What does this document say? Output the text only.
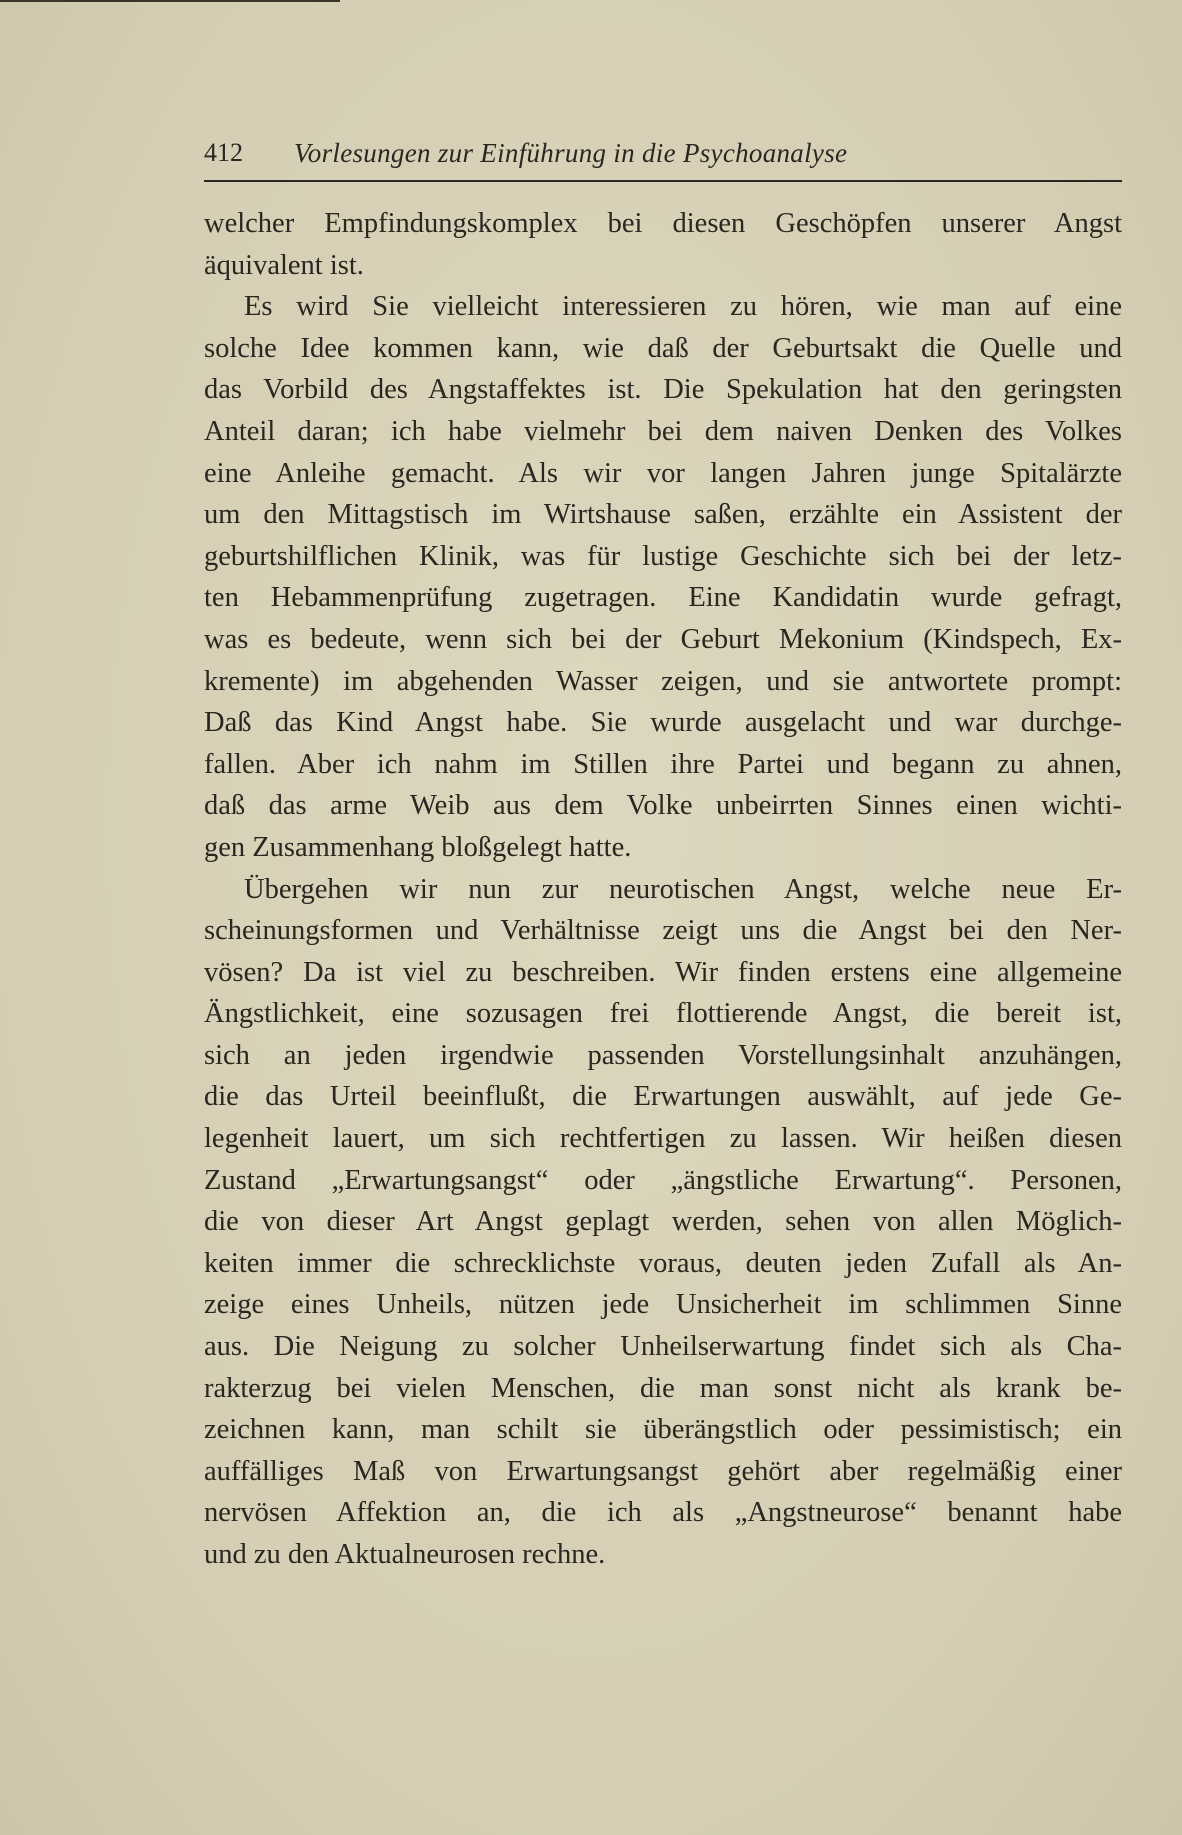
412 Vorlesungen zur Einführung in die Psychoanalyse
welcher Empfindungskomplex bei diesen Geschöpfen unserer Angst
äquivalent ist.
Es wird Sie vielleicht interessieren zu hören, wie man auf eine
solche Idee kommen kann, wie daß der Geburtsakt die Quelle und
das Vorbild des Angstaffektes ist. Die Spekulation hat den geringsten
Anteil daran; ich habe vielmehr bei dem naiven Denken des Volkes
eine Anleihe gemacht. Als wir vor langen Jahren junge Spitalärzte
um den Mittagstisch im Wirtshause saßen, erzählte ein Assistent der
geburtshilflichen Klinik, was für lustige Geschichte sich bei der letz-
ten Hebammenprüfung zugetragen. Eine Kandidatin wurde gefragt,
was es bedeute, wenn sich bei der Geburt Mekonium (Kindspech, Ex-
kremente) im abgehenden Wasser zeigen, und sie antwortete prompt:
Daß das Kind Angst habe. Sie wurde ausgelacht und war durchge-
fallen. Aber ich nahm im Stillen ihre Partei und begann zu ahnen,
daß das arme Weib aus dem Volke unbeirrten Sinnes einen wichti-
gen Zusammenhang bloßgelegt hatte.
Übergehen wir nun zur neurotischen Angst, welche neue Er-
scheinungsformen und Verhältnisse zeigt uns die Angst bei den Ner-
vösen? Da ist viel zu beschreiben. Wir finden erstens eine allgemeine
Ängstlichkeit, eine sozusagen frei flottierende Angst, die bereit ist,
sich an jeden irgendwie passenden Vorstellungsinhalt anzuhängen,
die das Urteil beeinflußt, die Erwartungen auswählt, auf jede Ge-
legenheit lauert, um sich rechtfertigen zu lassen. Wir heißen diesen
Zustand „Erwartungsangst“ oder „ängstliche Erwartung“. Personen,
die von dieser Art Angst geplagt werden, sehen von allen Möglich-
keiten immer die schrecklichste voraus, deuten jeden Zufall als An-
zeige eines Unheils, nützen jede Unsicherheit im schlimmen Sinne
aus. Die Neigung zu solcher Unheilserwartung findet sich als Cha-
rakterzug bei vielen Menschen, die man sonst nicht als krank be-
zeichnen kann, man schilt sie überängstlich oder pessimistisch; ein
auffälliges Maß von Erwartungsangst gehört aber regelmäßig einer
nervösen Affektion an, die ich als „Angstneurose“ benannt habe
und zu den Aktualneurosen rechne.
